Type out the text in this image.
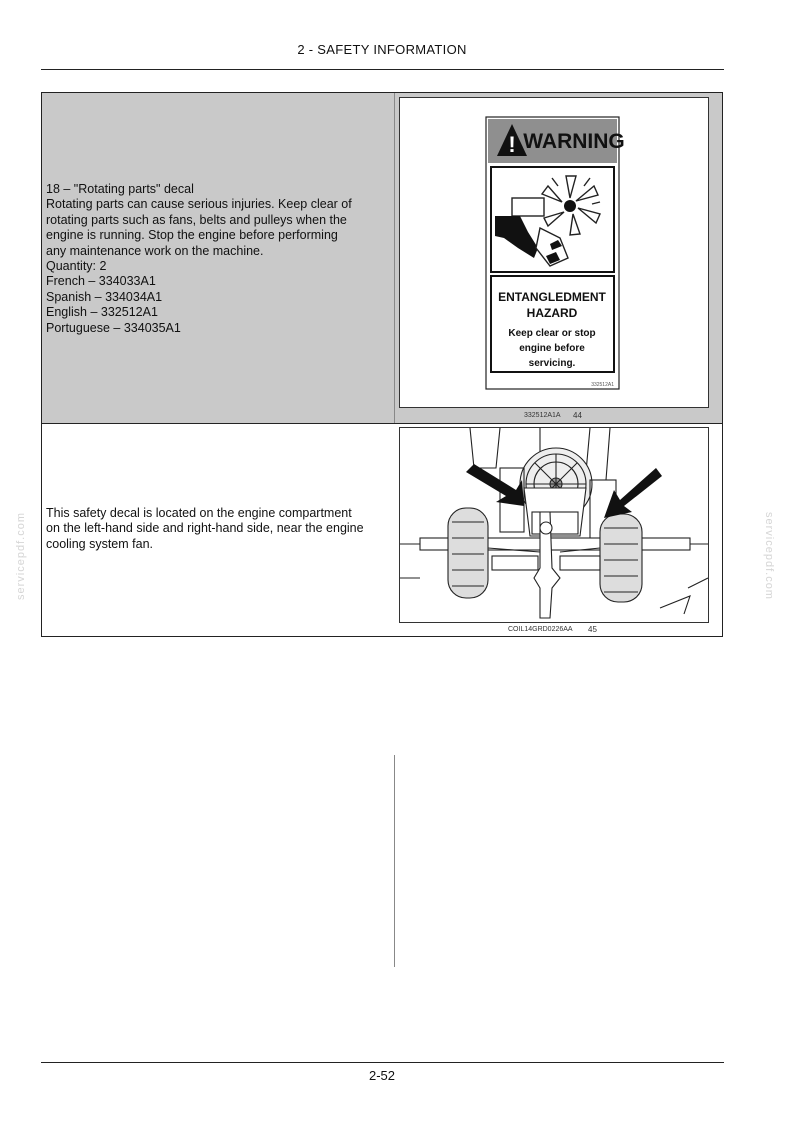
2 - SAFETY INFORMATION
servicepdf.com	servicepdf.com
18 – "Rotating parts" decal
Rotating parts can cause serious injuries. Keep clear of
rotating parts such as fans, belts and pulleys when the
engine is running. Stop the engine before performing
any maintenance work on the machine.
Quantity: 2
French – 334033A1
Spanish – 334034A1
English – 332512A1
Portuguese – 334035A1
! WARNING
ENTANGLEDMENT
HAZARD
Keep clear or stop
engine before
servicing.
332512A1
332512A1A 44
This safety decal is located on the engine compartment
on the left-hand side and right-hand side, near the engine
cooling system fan.
COIL14GRD0226AA 45
2-52
